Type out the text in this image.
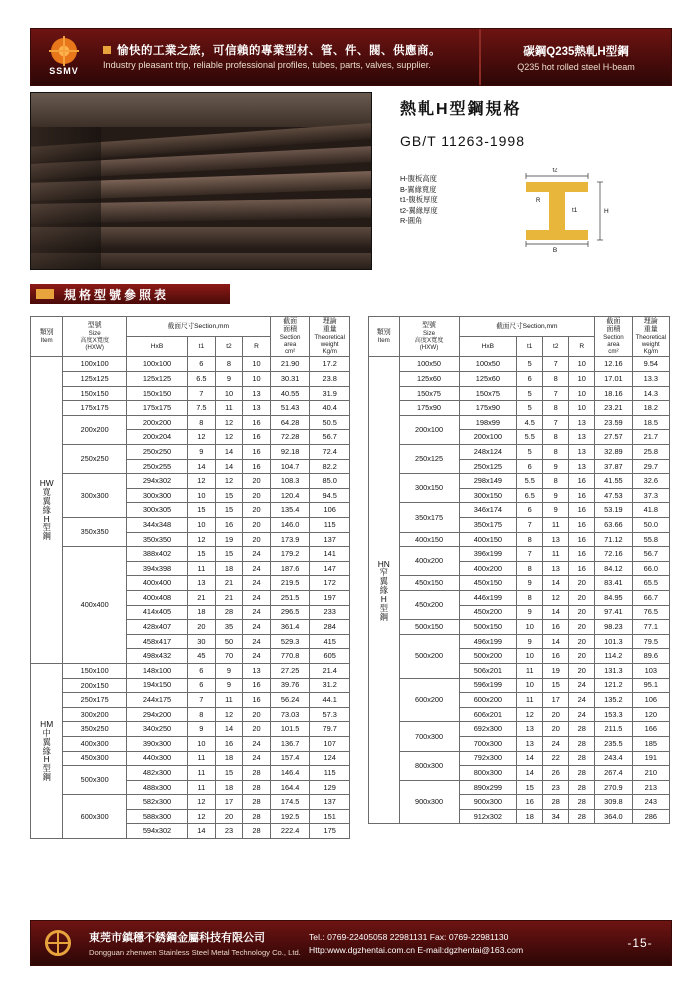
SSMV
愉快的工業之旅，可信賴的專業型材、管、件、閥、供應商。
Industry pleasant trip, reliable professional profiles, tubes, parts, valves, supplier.
碳鋼Q235熱軋H型鋼
Q235 hot rolled steel H-beam
熱軋H型鋼規格
GB/T 11263-1998
H-腹板高度
B-翼緣寬度
t1-腹板厚度
t2-翼緣厚度
R-圓角
t2
H
t1
R
B
規格型號參照表
類別
Item	型號
Size
高度X寬度
(HXW)	截面尺寸Section,mm				截面
面積
Section
area
cm²	理論
重量
Theoretical
weight
Kg/m

		HxB	t1	t2	R		

HW
寬
翼
緣
H
型
鋼
	100x100	100x100	6	8	10	21.90	17.2
	125x125	125x125	6.5	9	10	30.31	23.8
	150x150	150x150	7	10	13	40.55	31.9
	175x175	175x175	7.5	11	13	51.43	40.4
	200x200	200x200	8	12	16	64.28	50.5
		200x204	12	12	16	72.28	56.7
	250x250	250x250	9	14	16	92.18	72.4
		250x255	14	14	16	104.7	82.2
	300x300	294x302	12	12	20	108.3	85.0
		300x300	10	15	20	120.4	94.5
		300x305	15	15	20	135.4	106
	350x350	344x348	10	16	20	146.0	115
		350x350	12	19	20	173.9	137
	400x400	388x402	15	15	24	179.2	141
		394x398	11	18	24	187.6	147
		400x400	13	21	24	219.5	172
		400x408	21	21	24	251.5	197
		414x405	18	28	24	296.5	233
		428x407	20	35	24	361.4	284
		458x417	30	50	24	529.3	415
		498x432	45	70	24	770.8	605

HM
中
翼
緣
H
型
鋼
	150x100	148x100	6	9	13	27.25	21.4
	200x150	194x150	6	9	16	39.76	31.2
	250x175	244x175	7	11	16	56.24	44.1
	300x200	294x200	8	12	20	73.03	57.3
	350x250	340x250	9	14	20	101.5	79.7
	400x300	390x300	10	16	24	136.7	107
	450x300	440x300	11	18	24	157.4	124
	500x300	482x300	11	15	28	146.4	115
		488x300	11	18	28	164.4	129
	600x300	582x300	12	17	28	174.5	137
		588x300	12	20	28	192.5	151
		594x302	14	23	28	222.4	175
類別
Item	型號
Size
高度X寬度
(HXW)	截面尺寸Section,mm				截面
面積
Section
area
cm²	理論
重量
Theoretical
weight
Kg/m

		HxB	t1	t2	R		

HN
窄
翼
緣
H
型
鋼
	100x50	100x50	5	7	10	12.16	9.54
	125x60	125x60	6	8	10	17.01	13.3
	150x75	150x75	5	7	10	18.16	14.3
	175x90	175x90	5	8	10	23.21	18.2
	200x100	198x99	4.5	7	13	23.59	18.5
		200x100	5.5	8	13	27.57	21.7
	250x125	248x124	5	8	13	32.89	25.8
		250x125	6	9	13	37.87	29.7
	300x150	298x149	5.5	8	16	41.55	32.6
		300x150	6.5	9	16	47.53	37.3
	350x175	346x174	6	9	16	53.19	41.8
		350x175	7	11	16	63.66	50.0
	400x150	400x150	8	13	16	71.12	55.8
	400x200	396x199	7	11	16	72.16	56.7
		400x200	8	13	16	84.12	66.0
	450x150	450x150	9	14	20	83.41	65.5
	450x200	446x199	8	12	20	84.95	66.7
		450x200	9	14	20	97.41	76.5
	500x150	500x150	10	16	20	98.23	77.1
	500x200	496x199	9	14	20	101.3	79.5
		500x200	10	16	20	114.2	89.6
		506x201	11	19	20	131.3	103
	600x200	596x199	10	15	24	121.2	95.1
		600x200	11	17	24	135.2	106
		606x201	12	20	24	153.3	120
	700x300	692x300	13	20	28	211.5	166
		700x300	13	24	28	235.5	185
	800x300	792x300	14	22	28	243.4	191
		800x300	14	26	28	267.4	210
	900x300	890x299	15	23	28	270.9	213
		900x300	16	28	28	309.8	243
		912x302	18	34	28	364.0	286
東莞市鎮穩不銹鋼金屬科技有限公司
Dongguan zhenwen Stainless Steel Metal Technology Co., Ltd.
Tel.: 0769-22405058 22981131 Fax: 0769-22981130
Http:www.dgzhentai.com.cn E-mail:dgzhentai@163.com	-15-
